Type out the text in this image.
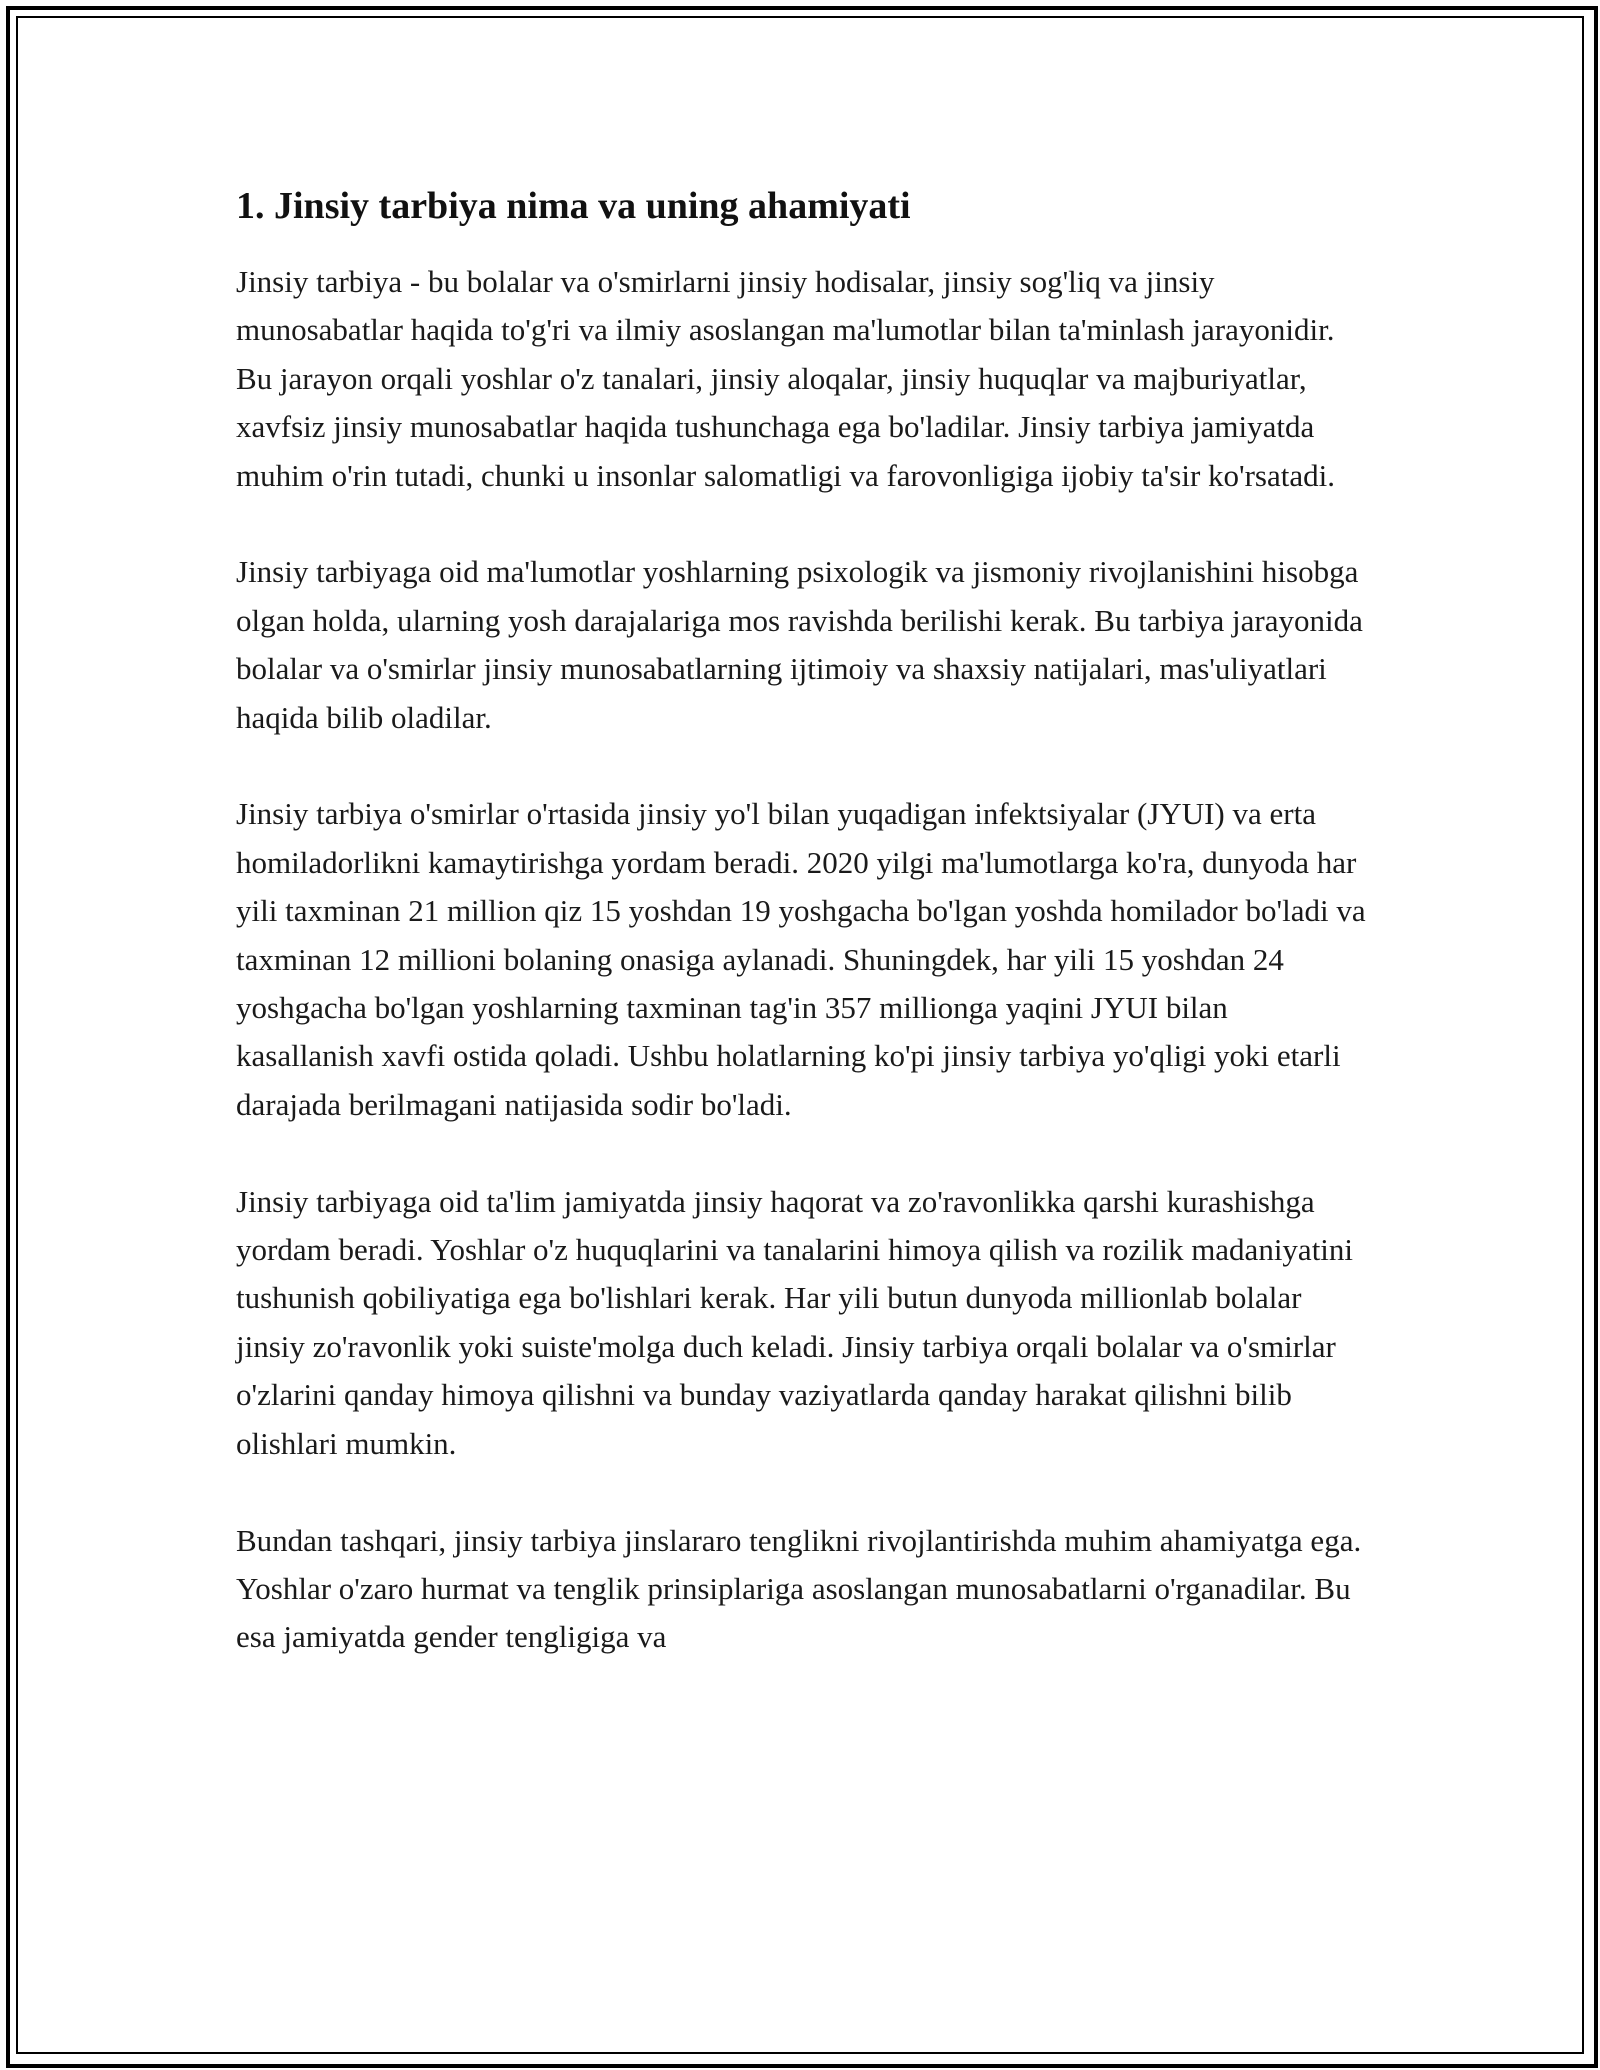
1. Jinsiy tarbiya nima va uning ahamiyati

Jinsiy tarbiya - bu bolalar va o'smirlarni jinsiy hodisalar, jinsiy sog'liq va jinsiy munosabatlar haqida to'g'ri va ilmiy asoslangan ma'lumotlar bilan ta'minlash jarayonidir. Bu jarayon orqali yoshlar o'z tanalari, jinsiy aloqalar, jinsiy huquqlar va majburiyatlar, xavfsiz jinsiy munosabatlar haqida tushunchaga ega bo'ladilar. Jinsiy tarbiya jamiyatda muhim o'rin tutadi, chunki u insonlar salomatligi va farovonligiga ijobiy ta'sir ko'rsatadi.

Jinsiy tarbiyaga oid ma'lumotlar yoshlarning psixologik va jismoniy rivojlanishini hisobga olgan holda, ularning yosh darajalariga mos ravishda berilishi kerak. Bu tarbiya jarayonida bolalar va o'smirlar jinsiy munosabatlarning ijtimoiy va shaxsiy natijalari, mas'uliyatlari haqida bilib oladilar.

Jinsiy tarbiya o'smirlar o'rtasida jinsiy yo'l bilan yuqadigan infektsiyalar (JYUI) va erta homiladorlikni kamaytirishga yordam beradi. 2020 yilgi ma'lumotlarga ko'ra, dunyoda har yili taxminan 21 million qiz 15 yoshdan 19 yoshgacha bo'lgan yoshda homilador bo'ladi va taxminan 12 millioni bolaning onasiga aylanadi. Shuningdek, har yili 15 yoshdan 24 yoshgacha bo'lgan yoshlarning taxminan tag'in 357 millionga yaqini JYUI bilan kasallanish xavfi ostida qoladi. Ushbu holatlarning ko'pi jinsiy tarbiya yo'qligi yoki etarli darajada berilmagani natijasida sodir bo'ladi.

Jinsiy tarbiyaga oid ta'lim jamiyatda jinsiy haqorat va zo'ravonlikka qarshi kurashishga yordam beradi. Yoshlar o'z huquqlarini va tanalarini himoya qilish va rozilik madaniyatini tushunish qobiliyatiga ega bo'lishlari kerak. Har yili butun dunyoda millionlab bolalar jinsiy zo'ravonlik yoki suiste'molga duch keladi. Jinsiy tarbiya orqali bolalar va o'smirlar o'zlarini qanday himoya qilishni va bunday vaziyatlarda qanday harakat qilishni bilib olishlari mumkin.

Bundan tashqari, jinsiy tarbiya jinslararo tenglikni rivojlantirishda muhim ahamiyatga ega. Yoshlar o'zaro hurmat va tenglik prinsiplariga asoslangan munosabatlarni o'rganadilar. Bu esa jamiyatda gender tengligiga va
